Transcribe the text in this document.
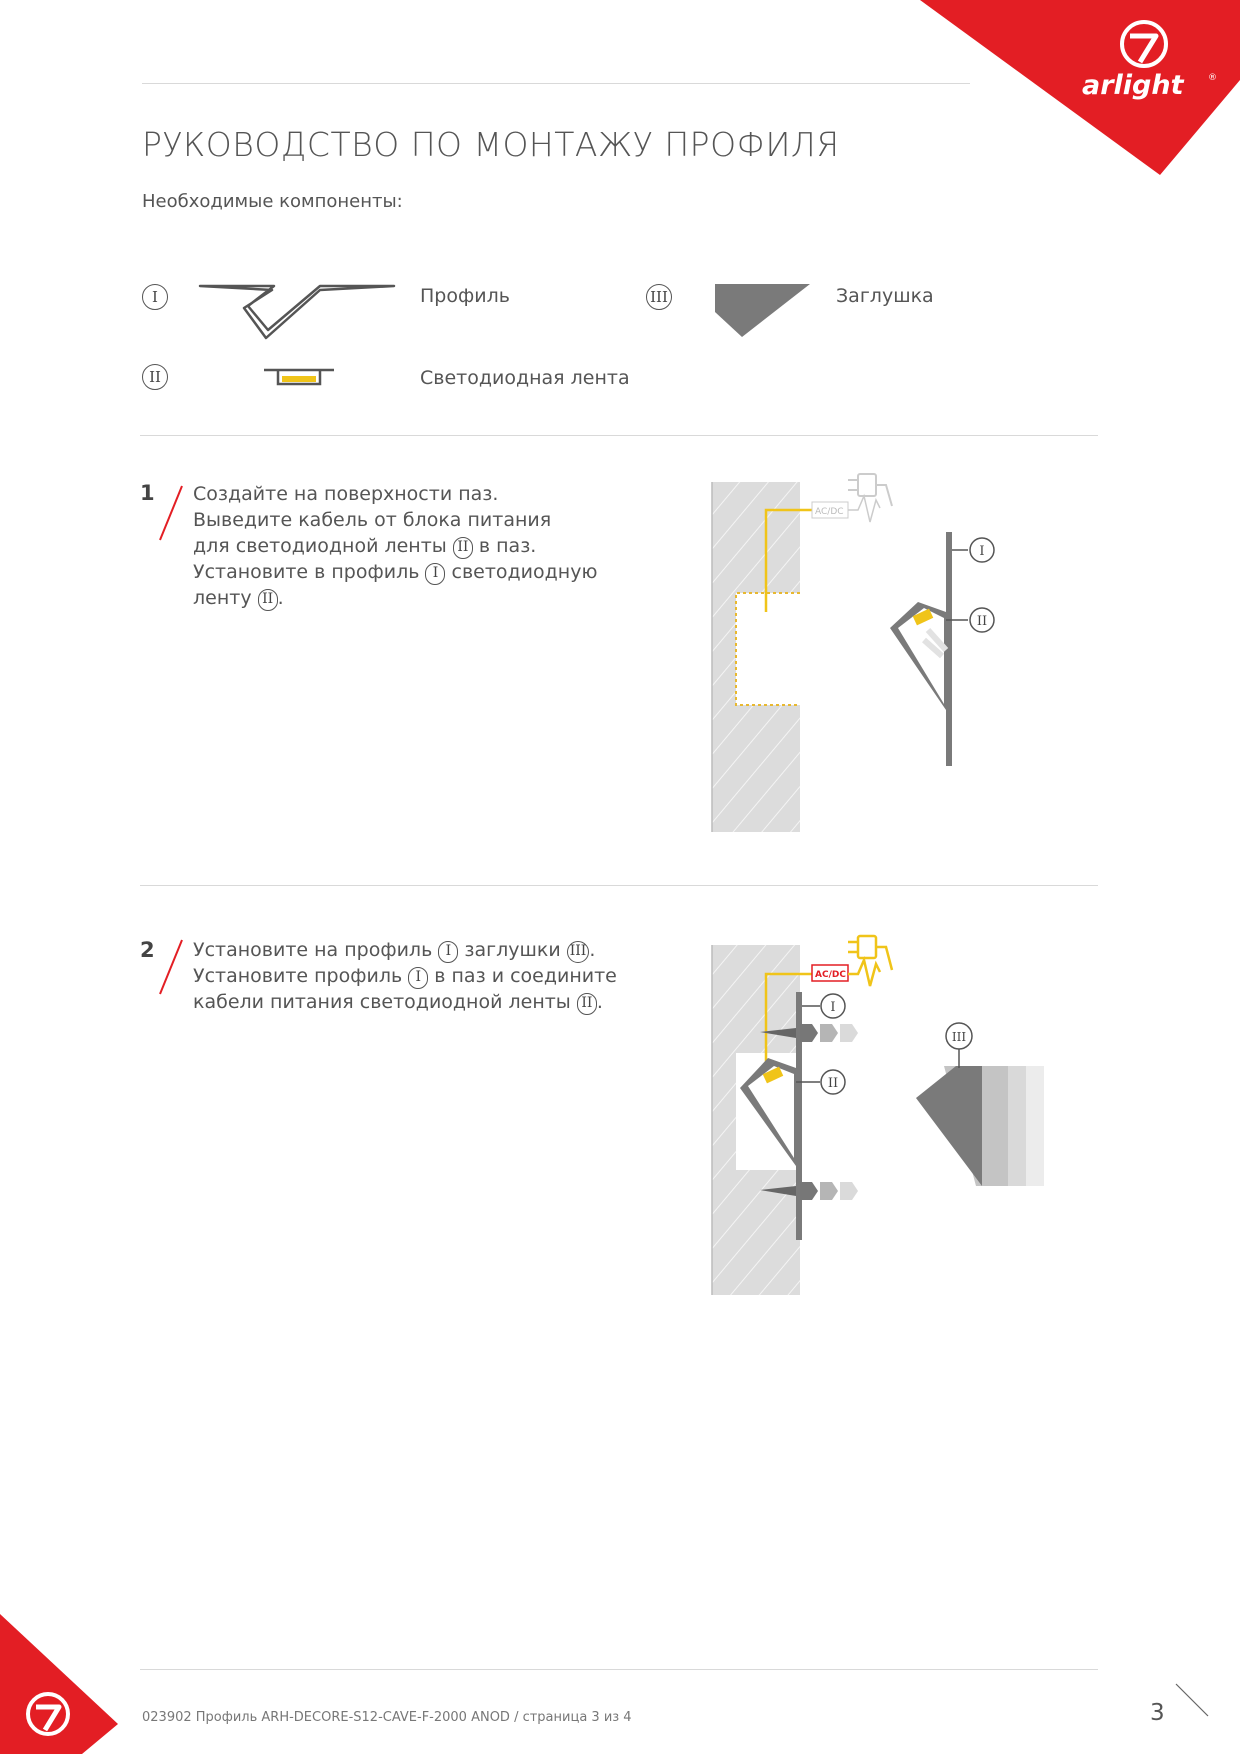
arlight	®
РУКОВОДСТВО ПО МОНТАЖУ ПРОФИЛЯ
Необходимые компоненты:
I	Профиль	III	Заглушка
II	Светодиодная лента
1 Создайте на поверхности паз.
Выведите кабель от блока питания
для светодиодной ленты II в паз.
Установите в профиль I светодиодную
ленту II .
AC/DC
I
II
2 Установите на профиль I заглушки III .
Установите профиль I в паз и соедините
кабели питания светодиодной ленты II .
AC/DC
I
II
III
023902 Профиль ARH-DECORE-S12-CAVE-F-2000 ANOD / страница 3 из 4	3
